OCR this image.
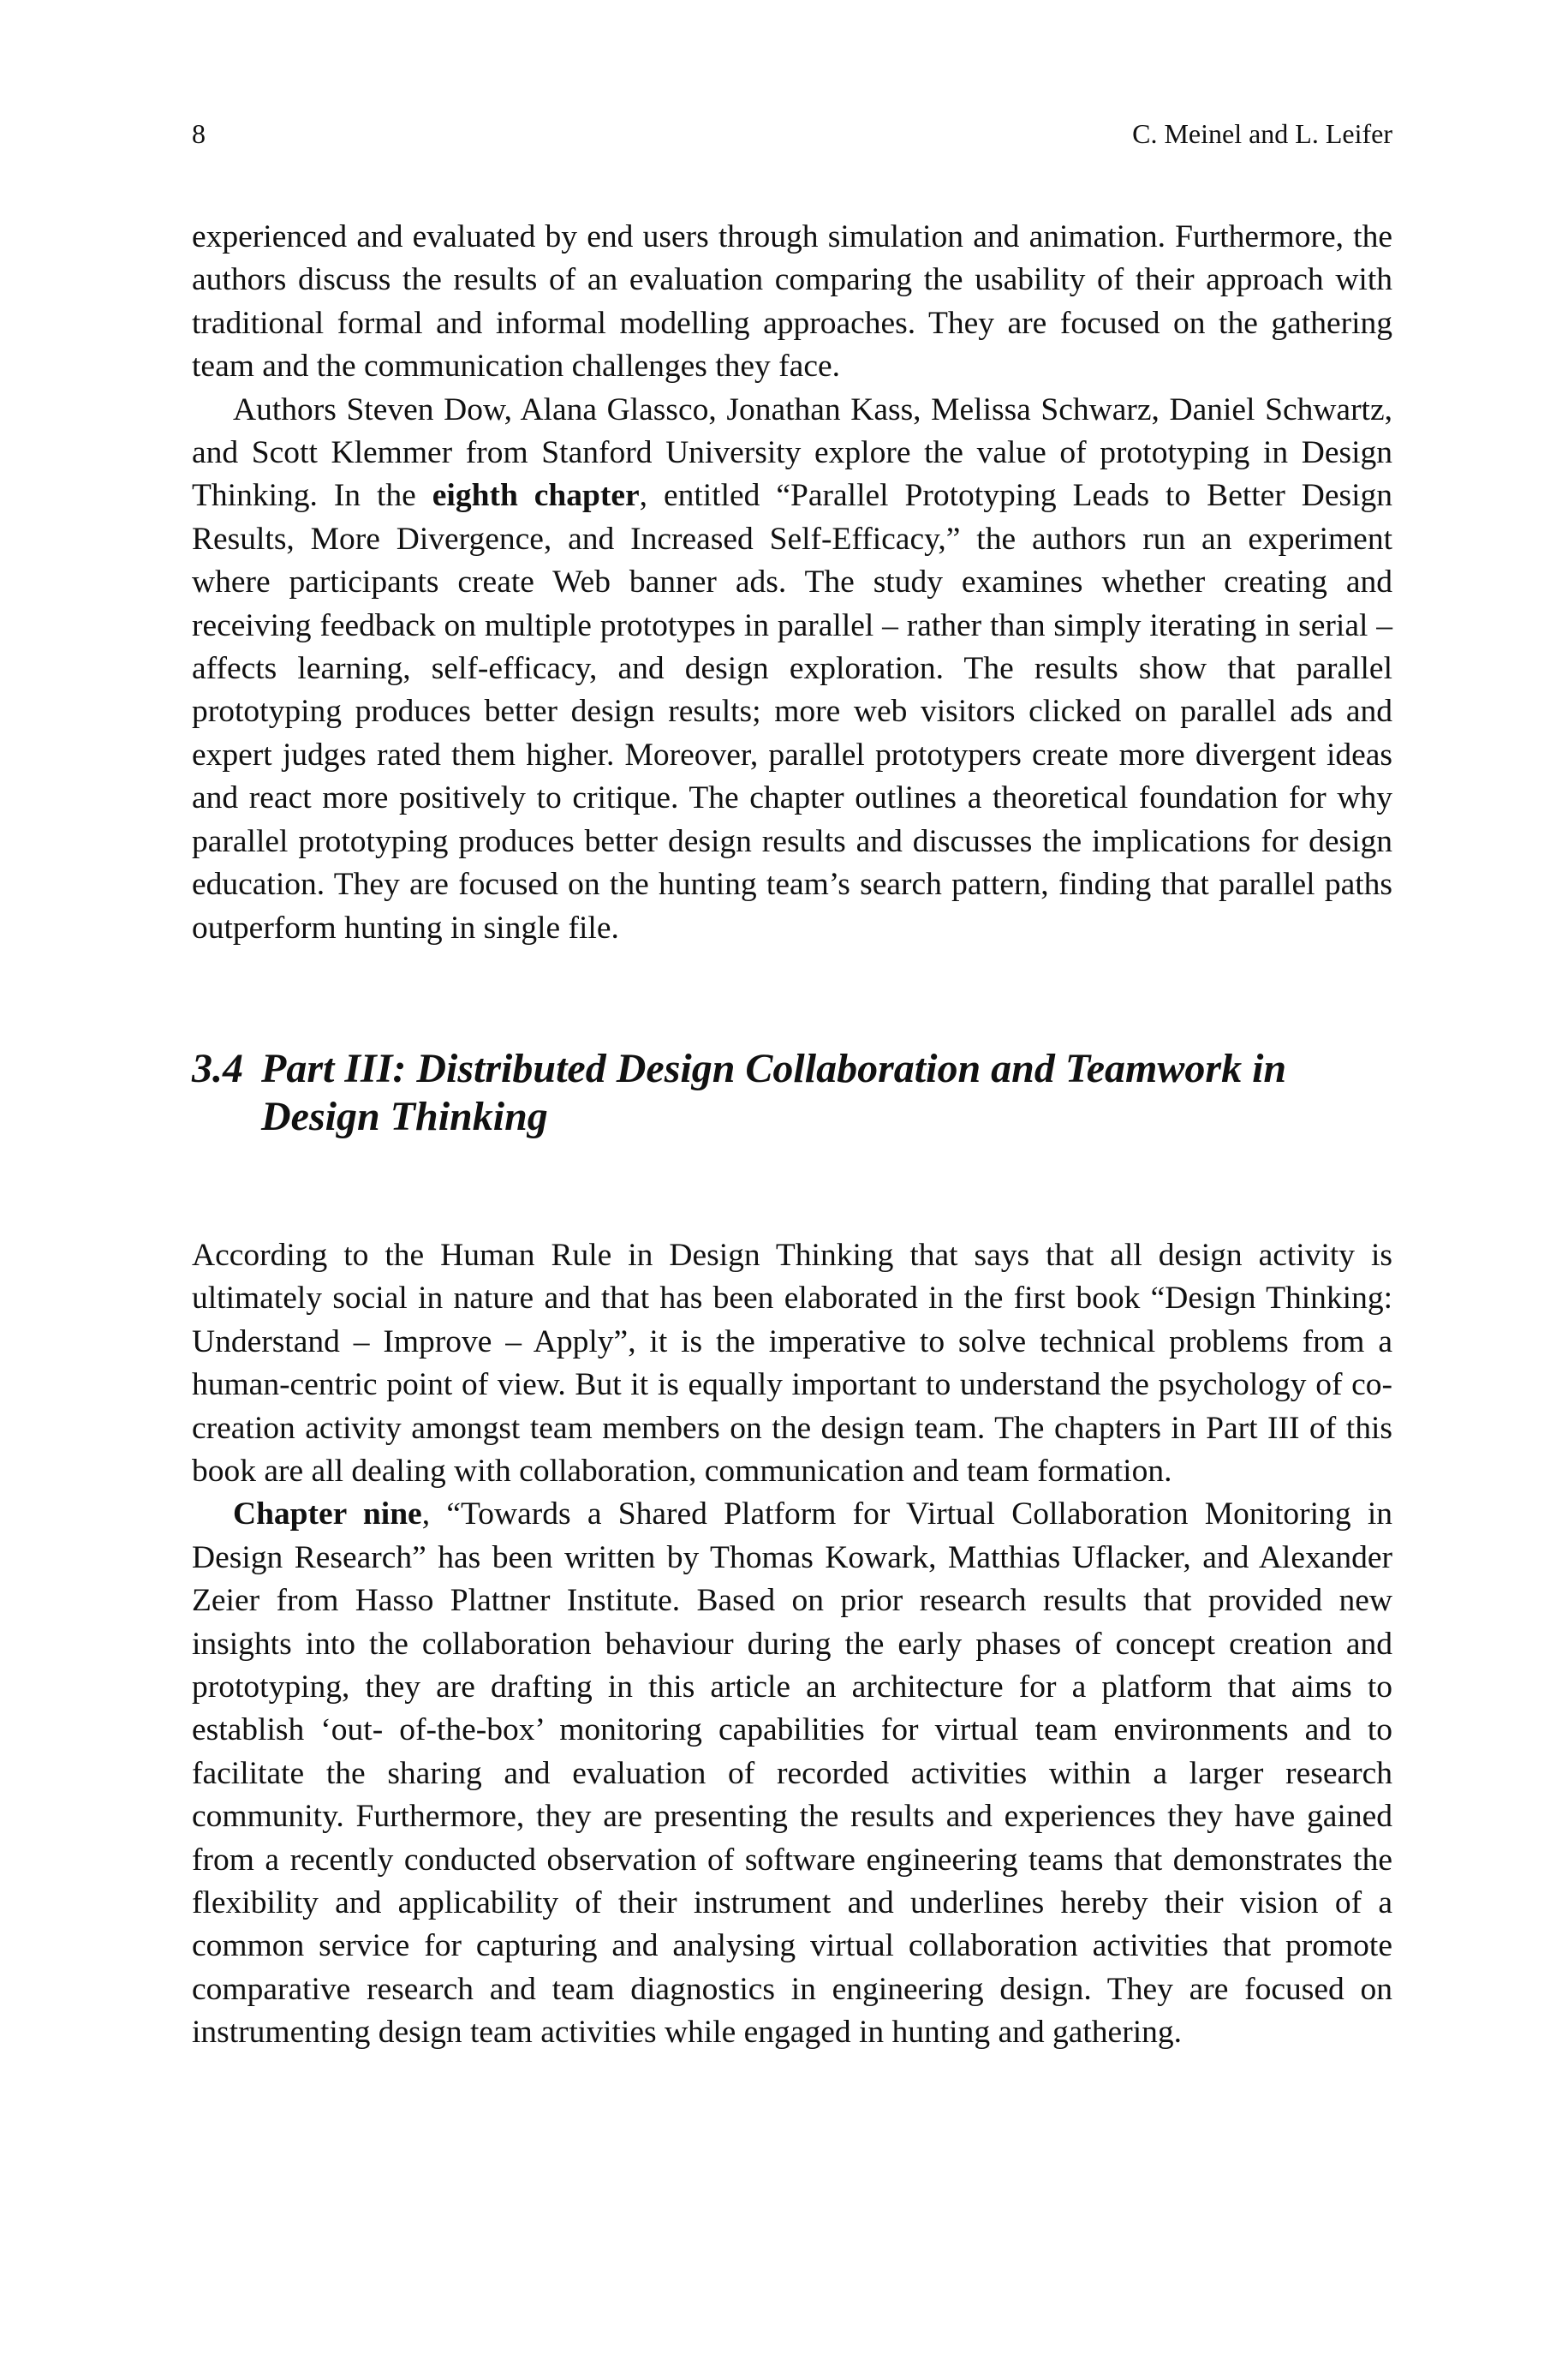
8	C. Meinel and L. Leifer

experienced and evaluated by end users through simulation and animation. Furthermore, the authors discuss the results of an evaluation comparing the usability of their approach with traditional formal and informal modelling approaches. They are focused on the gathering team and the communication challenges they face.

Authors Steven Dow, Alana Glassco, Jonathan Kass, Melissa Schwarz, Daniel Schwartz, and Scott Klemmer from Stanford University explore the value of prototyping in Design Thinking. In the eighth chapter, entitled “Parallel Prototyping Leads to Better Design Results, More Divergence, and Increased Self-Efficacy,” the authors run an experiment where participants create Web banner ads. The study examines whether creating and receiving feedback on multiple prototypes in parallel – rather than simply iterating in serial – affects learning, self-efficacy, and design exploration. The results show that parallel prototyping produces better design results; more web visitors clicked on parallel ads and expert judges rated them higher. Moreover, parallel prototypers create more divergent ideas and react more positively to critique. The chapter outlines a theoretical foundation for why parallel prototyping produces better design results and discusses the implications for design education. They are focused on the hunting team’s search pattern, finding that parallel paths outperform hunting in single file.

3.4 Part III: Distributed Design Collaboration and Teamwork in Design Thinking

According to the Human Rule in Design Thinking that says that all design activity is ultimately social in nature and that has been elaborated in the first book “Design Thinking: Understand – Improve – Apply”, it is the imperative to solve technical problems from a human-centric point of view. But it is equally important to understand the psychology of co-creation activity amongst team members on the design team. The chapters in Part III of this book are all dealing with collaboration, communication and team formation.

Chapter nine, “Towards a Shared Platform for Virtual Collaboration Monitoring in Design Research” has been written by Thomas Kowark, Matthias Uflacker, and Alexander Zeier from Hasso Plattner Institute. Based on prior research results that provided new insights into the collaboration behaviour during the early phases of concept creation and prototyping, they are drafting in this article an architecture for a platform that aims to establish ‘out- of-the-box’ monitoring capabilities for virtual team environments and to facilitate the sharing and evaluation of recorded activities within a larger research community. Furthermore, they are presenting the results and experiences they have gained from a recently conducted observation of software engineering teams that demonstrates the flexibility and applicability of their instrument and underlines hereby their vision of a common service for capturing and analysing virtual collaboration activities that promote comparative research and team diagnostics in engineering design. They are focused on instrumenting design team activities while engaged in hunting and gathering.
